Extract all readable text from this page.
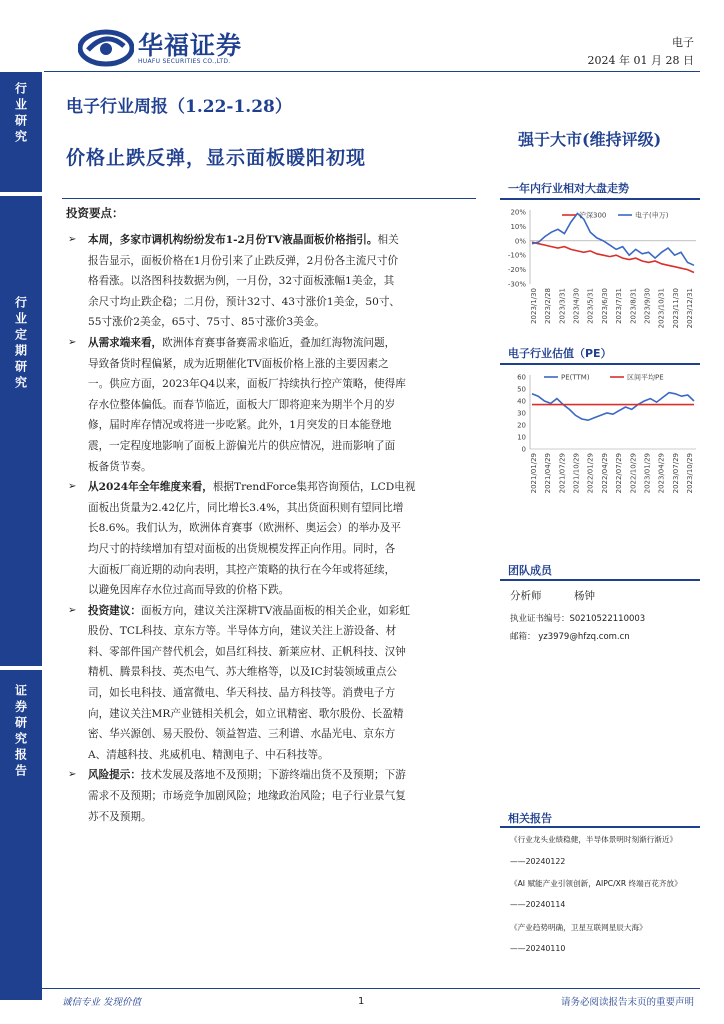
华福证券
HUAFU SECURITIES CO.,LTD.
电子
2024 年 01 月 28 日
行业研究
行业定期研究
证券研究报告
电子行业周报（1.22-1.28）
价格止跌反弹，显示面板暖阳初现
强于大市(维持评级)
投资要点：
➢ 本周，多家市调机构纷纷发布1-2月份TV液晶面板价格指引。相关
报告显示，面板价格在1月份引来了止跌反弹，2月份各主流尺寸价
格看涨。以洛图科技数据为例，一月份，32寸面板涨幅1美金，其
余尺寸均止跌企稳；二月份，预计32寸、43寸涨价1美金，50寸、
55寸涨价2美金，65寸、75寸、85寸涨价3美金。
➢ 从需求端来看，欧洲体育赛事备赛需求临近，叠加红海物流问题，
导致备货时程偏紧，成为近期催化TV面板价格上涨的主要因素之
一。供应方面，2023年Q4以来，面板厂持续执行控产策略，使得库
存水位整体偏低。而春节临近，面板大厂即将迎来为期半个月的岁
修，届时库存情况或将进一步吃紧。此外，1月突发的日本能登地
震，一定程度地影响了面板上游偏光片的供应情况，进而影响了面
板备货节奏。
➢ 从2024年全年维度来看，根据TrendForce集邦咨询预估，LCD电视
面板出货量为2.42亿片，同比增长3.4%，其出货面积则有望同比增
长8.6%。我们认为，欧洲体育赛事（欧洲杯、奥运会）的举办及平
均尺寸的持续增加有望对面板的出货规模发挥正向作用。同时，各
大面板厂商近期的动向表明，其控产策略的执行在今年或将延续，
以避免因库存水位过高而导致的价格下跌。
➢ 投资建议：面板方向，建议关注深耕TV液晶面板的相关企业，如彩虹
股份、TCL科技、京东方等。半导体方向，建议关注上游设备、材
料、零部件国产替代机会，如昌红科技、新莱应材、正帆科技、汉钟
精机、腾景科技、英杰电气、苏大维格等，以及IC封装领域重点公
司，如长电科技、通富微电、华天科技、晶方科技等。消费电子方
向，建议关注MR产业链相关机会，如立讯精密、歌尔股份、长盈精
密、华兴源创、易天股份、领益智造、三利谱、水晶光电、京东方
A、清越科技、兆威机电、精测电子、中石科技等。
➢ 风险提示：技术发展及落地不及预期；下游终端出货不及预期；下游
需求不及预期；市场竞争加剧风险；地缘政治风险；电子行业景气复
苏不及预期。
一年内行业相对大盘走势
20%
10%
0%
-10%
-20%
-30%
2023/1/30 2023/2/28 2023/3/31 2023/4/30 2023/5/31 2023/6/30 2023/7/31 2023/8/31 2023/9/30 2023/10/31 2023/11/30 2023/12/31
沪深300	电子(申万)
电子行业估值（PE）
60
50
40
30
20
10
0
2021/01/29 2021/04/29 2021/07/29 2021/10/29 2022/01/29 2022/04/29 2022/07/29 2022/10/29 2023/01/29 2023/04/29 2023/07/29 2023/10/29
PE(TTM)	区间平均PE
团队成员
分析师	杨钟
执业证书编号：S0210522110003
邮箱： yz3979@hfzq.com.cn
相关报告
《行业龙头业绩稳健，半导体景明时刻渐行渐近》
——20240122
《AI 赋能产业引领创新，AIPC/XR 终端百花齐放》
——20240114
《产业趋势明确，卫星互联网星辰大海》
——20240110
诚信专业 发现价值	1	请务必阅读报告末页的重要声明
